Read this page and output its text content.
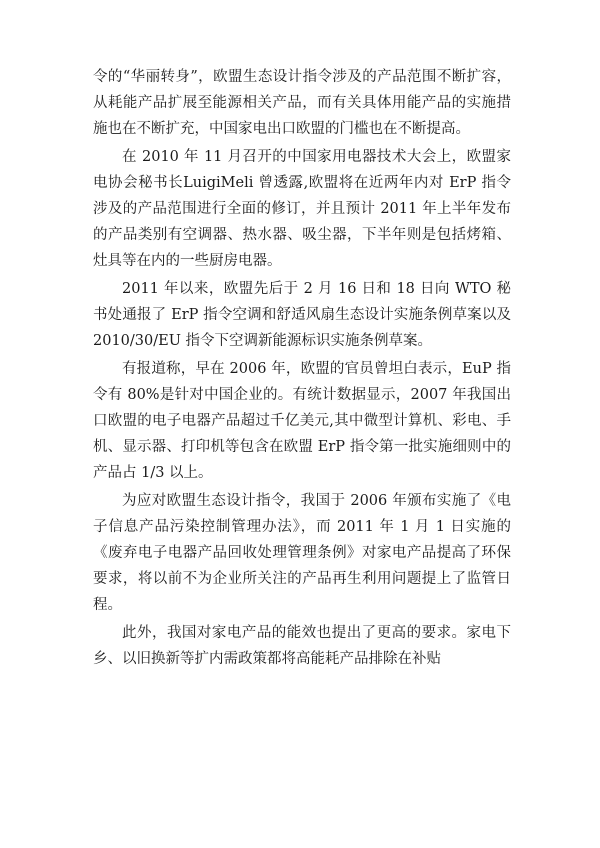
令的“华丽转身”，欧盟生态设计指令涉及的产品范围不断扩容，从耗能产品扩展至能源相关产品，而有关具体用能产品的实施措施也在不断扩充，中国家电出口欧盟的门槛也在不断提高。

在 2010 年 11 月召开的中国家用电器技术大会上，欧盟家电协会秘书长LuigiMeli 曾透露,欧盟将在近两年内对 ErP 指令涉及的产品范围进行全面的修订，并且预计 2011 年上半年发布的产品类别有空调器、热水器、吸尘器，下半年则是包括烤箱、灶具等在内的一些厨房电器。

2011 年以来，欧盟先后于 2 月 16 日和 18 日向 WTO 秘书处通报了 ErP 指令空调和舒适风扇生态设计实施条例草案以及 2010/30/EU 指令下空调新能源标识实施条例草案。

有报道称，早在 2006 年，欧盟的官员曾坦白表示，EuP 指令有 80%是针对中国企业的。有统计数据显示，2007 年我国出口欧盟的电子电器产品超过千亿美元,其中微型计算机、彩电、手机、显示器、打印机等包含在欧盟 ErP 指令第一批实施细则中的产品占 1/3 以上。

为应对欧盟生态设计指令，我国于 2006 年颁布实施了《电子信息产品污染控制管理办法》，而 2011 年 1 月 1 日实施的《废弃电子电器产品回收处理管理条例》对家电产品提高了环保要求，将以前不为企业所关注的产品再生利用问题提上了监管日程。

此外，我国对家电产品的能效也提出了更高的要求。家电下乡、以旧换新等扩内需政策都将高能耗产品排除在补贴
